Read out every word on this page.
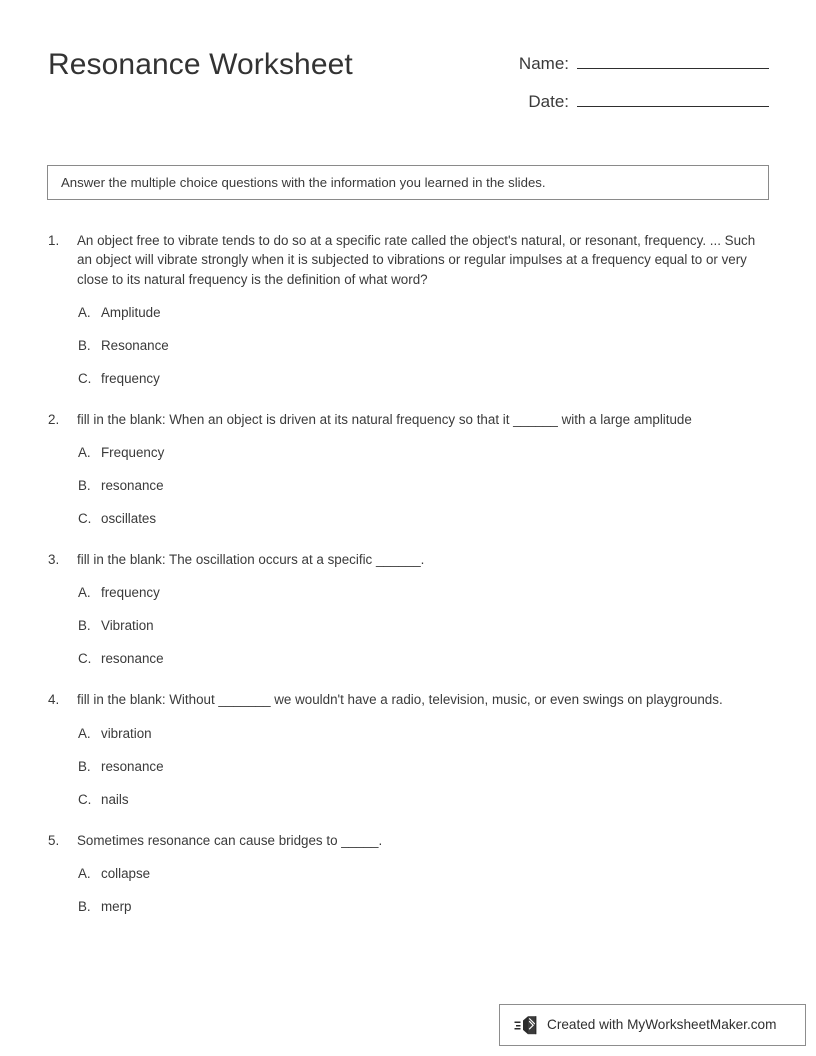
Resonance Worksheet	Name:
Date:
Answer the multiple choice questions with the information you learned in the slides.
1.	An object free to vibrate tends to do so at a specific rate called the object's natural, or resonant, frequency. ... Such an object will vibrate strongly when it is subjected to vibrations or regular impulses at a frequency equal to or very close to its natural frequency is the definition of what word?
A. Amplitude
B. Resonance
C. frequency
2.	fill in the blank: When an object is driven at its natural frequency so that it ______ with a large amplitude
A. Frequency
B. resonance
C. oscillates
3.	fill in the blank: The oscillation occurs at a specific ______.
A. frequency
B. Vibration
C. resonance
4.	fill in the blank: Without _______ we wouldn't have a radio, television, music, or even swings on playgrounds.
A. vibration
B. resonance
C. nails
5.	Sometimes resonance can cause bridges to _____.
A. collapse
B. merp
Created with MyWorksheetMaker.com
